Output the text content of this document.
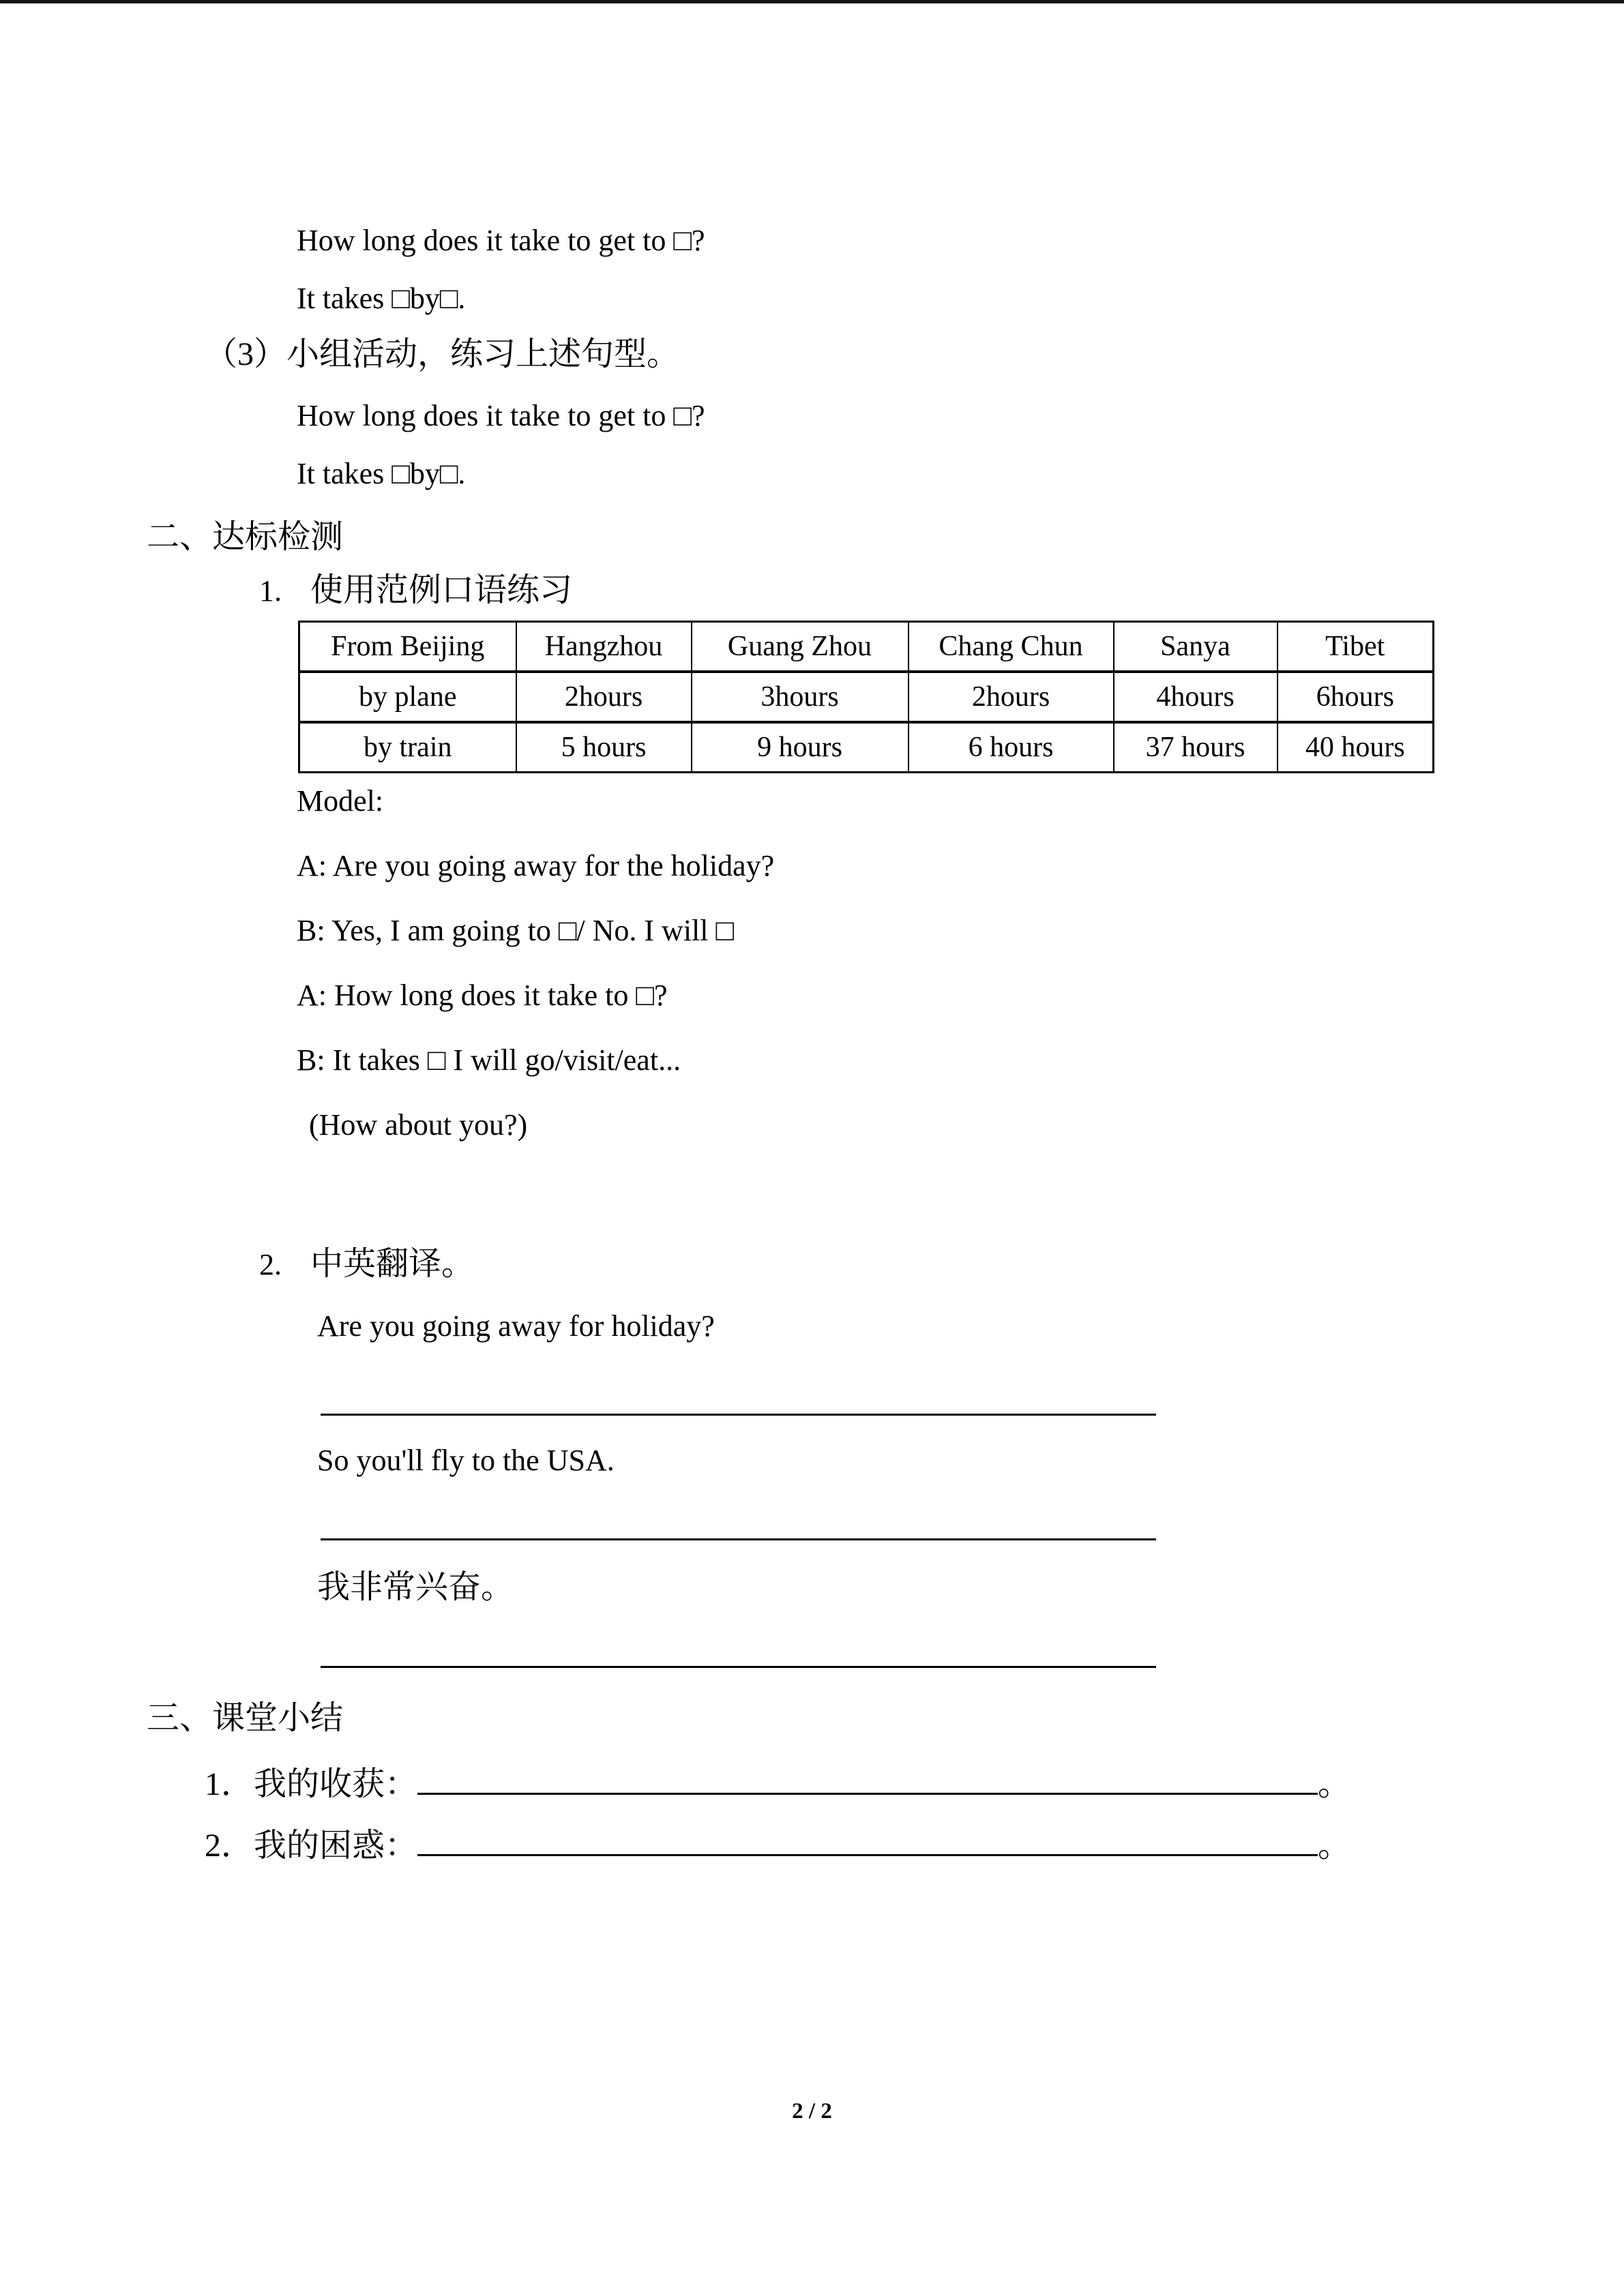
How long does it take to get to □?
It takes □by□.
（3）小组活动，练习上述句型。
How long does it take to get to □?
It takes □by□.
二、达标检测
1. 使用范例口语练习
From Beijing	Hangzhou	Guang Zhou	Chang Chun	Sanya	Tibet
by plane	2hours	3hours	2hours	4hours	6hours
by train	5 hours	9 hours	6 hours	37 hours	40 hours
Model:
A: Are you going away for the holiday?
B: Yes, I am going to □/ No. I will □
A: How long does it take to □?
B: It takes □ I will go/visit/eat...
(How about you?)
2. 中英翻译。
Are you going away for holiday?
So you'll fly to the USA.
我非常兴奋。
三、课堂小结
1．我的收获：	。
2．我的困惑：	。
2 / 2
